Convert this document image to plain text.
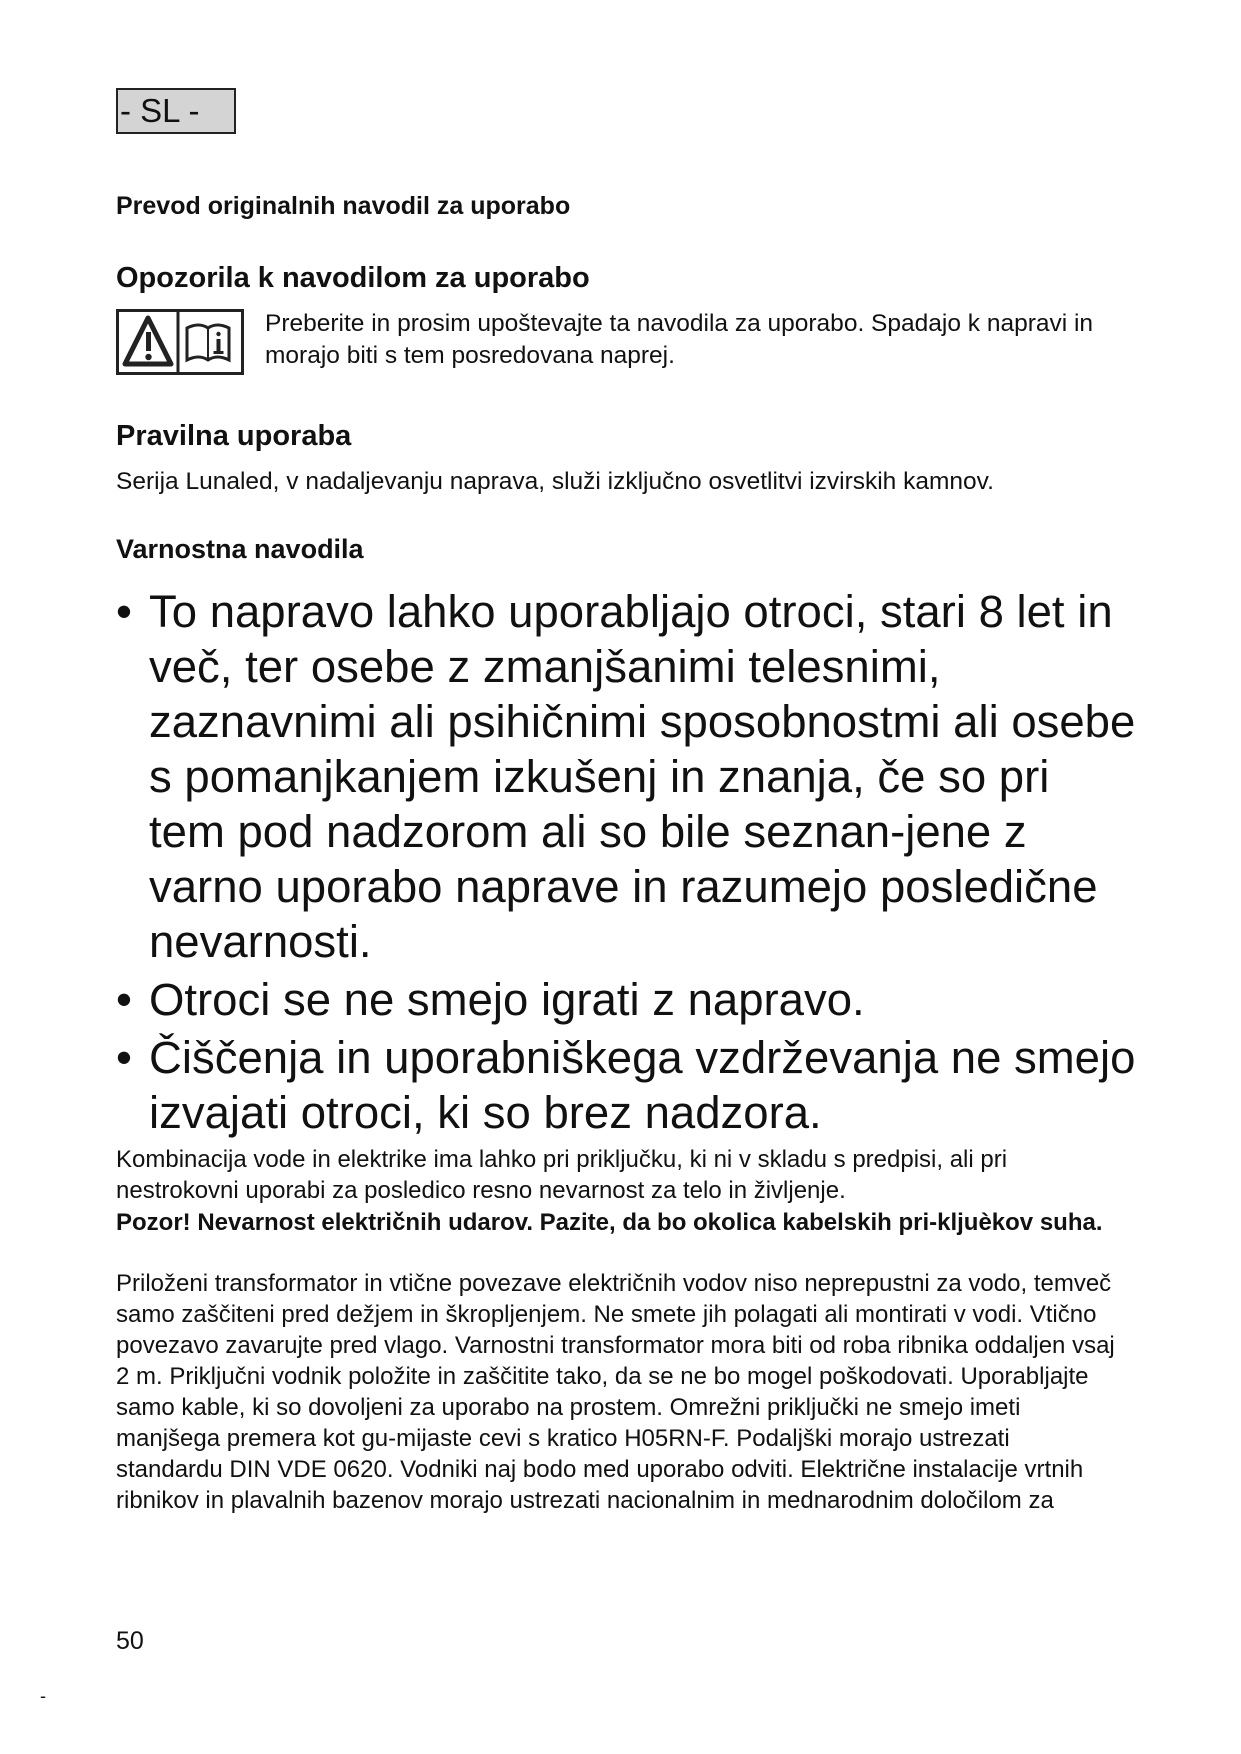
- SL -

Prevod originalnih navodil za uporabo

Opozorila k navodilom za uporabo

Preberite in prosim upoštevajte ta navodila za uporabo. Spadajo k napravi in morajo biti s tem posredovana naprej.

Pravilna uporaba

Serija Lunaled, v nadaljevanju naprava, služi izključno osvetlitvi izvirskih kamnov.

Varnostna navodila
• To napravo lahko uporabljajo otroci, stari 8 let in več, ter osebe z zmanjšanimi telesnimi, zaznavnimi ali psihičnimi sposobnostmi ali osebe s pomanjkanjem izkušenj in znanja, če so pri tem pod nadzorom ali so bile seznan-jene z varno uporabo naprave in razumejo posledične nevarnosti.
• Otroci se ne smejo igrati z napravo.
• Čiščenja in uporabniškega vzdrževanja ne smejo izvajati otroci, ki so brez nadzora.

Kombinacija vode in elektrike ima lahko pri priključku, ki ni v skladu s predpisi, ali pri nestrokovni uporabi za posledico resno nevarnost za telo in življenje.

Pozor! Nevarnost električnih udarov. Pazite, da bo okolica kabelskih pri-kljuèkov suha.

Priloženi transformator in vtične povezave električnih vodov niso neprepustni za vodo, temveč samo zaščiteni pred dežjem in škropljenjem. Ne smete jih polagati ali montirati v vodi. Vtično povezavo zavarujte pred vlago. Varnostni transformator mora biti od roba ribnika oddaljen vsaj 2 m. Priključni vodnik položite in zaščitite tako, da se ne bo mogel poškodovati. Uporabljajte samo kable, ki so dovoljeni za uporabo na prostem. Omrežni priključki ne smejo imeti manjšega premera kot gu-mijaste cevi s kratico H05RN-F. Podaljški morajo ustrezati standardu DIN VDE 0620. Vodniki naj bodo med uporabo odviti. Električne instalacije vrtnih ribnikov in plavalnih bazenov morajo ustrezati nacionalnim in mednarodnim določilom za

50
-
